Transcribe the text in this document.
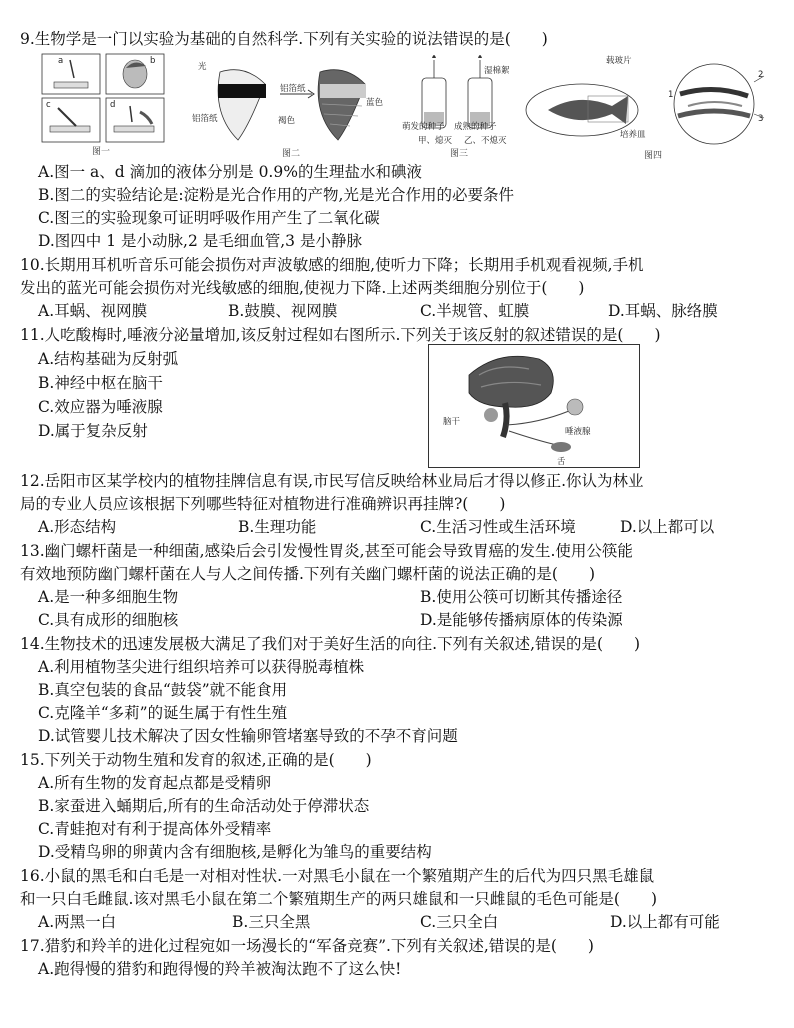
9.生物学是一门以实验为基础的自然科学.下列有关实验的说法错误的是(　　)
a	b
c	d
图一
光
铝箔纸
铝箔纸
蓝色
褐色
图二
萌发的种子 成熟的种子
甲、熄灭 乙、不熄灭
图三
湿棉絮
载玻片
培养皿
1
2
3
图四
A.图一 a、d 滴加的液体分别是 0.9%的生理盐水和碘液
B.图二的实验结论是:淀粉是光合作用的产物,光是光合作用的必要条件
C.图三的实验现象可证明呼吸作用产生了二氧化碳
D.图四中 1 是小动脉,2 是毛细血管,3 是小静脉
10.长期用耳机听音乐可能会损伤对声波敏感的细胞,使听力下降；长期用手机观看视频,手机
发出的蓝光可能会损伤对光线敏感的细胞,使视力下降.上述两类细胞分别位于(　　)
A.耳蜗、视网膜	B.鼓膜、视网膜	C.半规管、虹膜	D.耳蜗、脉络膜
11.人吃酸梅时,唾液分泌量增加,该反射过程如右图所示.下列关于该反射的叙述错误的是(　　)
A.结构基础为反射弧
B.神经中枢在脑干
C.效应器为唾液腺
D.属于复杂反射	脑干
唾液腺
舌
12.岳阳市区某学校内的植物挂牌信息有误,市民写信反映给林业局后才得以修正.你认为林业
局的专业人员应该根据下列哪些特征对植物进行准确辨识再挂牌?(　　)
A.形态结构	B.生理功能	C.生活习性或生活环境	D.以上都可以
13.幽门螺杆菌是一种细菌,感染后会引发慢性胃炎,甚至可能会导致胃癌的发生.使用公筷能
有效地预防幽门螺杆菌在人与人之间传播.下列有关幽门螺杆菌的说法正确的是(　　)
A.是一种多细胞生物	B.使用公筷可切断其传播途径
C.具有成形的细胞核	D.是能够传播病原体的传染源
14.生物技术的迅速发展极大满足了我们对于美好生活的向往.下列有关叙述,错误的是(　　)
A.利用植物茎尖进行组织培养可以获得脱毒植株
B.真空包装的食品“鼓袋”就不能食用
C.克隆羊“多莉”的诞生属于有性生殖
D.试管婴儿技术解决了因女性输卵管堵塞导致的不孕不育问题
15.下列关于动物生殖和发育的叙述,正确的是(　　)
A.所有生物的发育起点都是受精卵
B.家蚕进入蛹期后,所有的生命活动处于停滞状态
C.青蛙抱对有利于提高体外受精率
D.受精鸟卵的卵黄内含有细胞核,是孵化为雏鸟的重要结构
16.小鼠的黑毛和白毛是一对相对性状.一对黑毛小鼠在一个繁殖期产生的后代为四只黑毛雄鼠
和一只白毛雌鼠.该对黑毛小鼠在第二个繁殖期生产的两只雄鼠和一只雌鼠的毛色可能是(　　)
A.两黑一白	B.三只全黑	C.三只全白	D.以上都有可能
17.猎豹和羚羊的进化过程宛如一场漫长的“军备竞赛”.下列有关叙述,错误的是(　　)
A.跑得慢的猎豹和跑得慢的羚羊被淘汰跑不了这么快!
